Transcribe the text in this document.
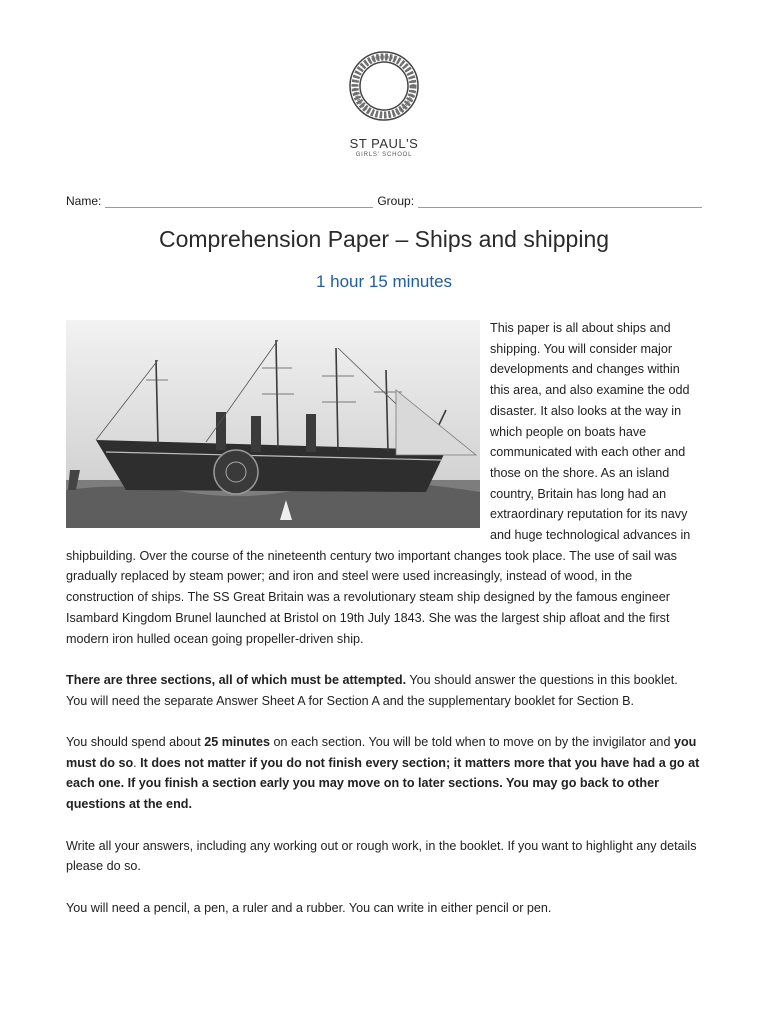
ST PAUL'S
GIRLS' SCHOOL
Name:	Group:
Comprehension Paper – Ships and shipping
1 hour 15 minutes

This paper is all about ships and shipping. You will consider major developments and changes within this area, and also examine the odd disaster. It also looks at the way in which people on boats have communicated with each other and those on the shore. As an island country, Britain has long had an extraordinary reputation for its navy and huge technological advances in shipbuilding. Over the course of the nineteenth century two important changes took place. The use of sail was gradually replaced by steam power; and iron and steel were used increasingly, instead of wood, in the construction of ships. The SS Great Britain was a revolutionary steam ship designed by the famous engineer Isambard Kingdom Brunel launched at Bristol on 19th July 1843. She was the largest ship afloat and the first modern iron hulled ocean going propeller-driven ship.

There are three sections, all of which must be attempted. You should answer the questions in this booklet. You will need the separate Answer Sheet A for Section A and the supplementary booklet for Section B.

You should spend about 25 minutes on each section. You will be told when to move on by the invigilator and you must do so. It does not matter if you do not finish every section; it matters more that you have had a go at each one. If you finish a section early you may move on to later sections. You may go back to other questions at the end.

Write all your answers, including any working out or rough work, in the booklet. If you want to highlight any details please do so.

You will need a pencil, a pen, a ruler and a rubber. You can write in either pencil or pen.
